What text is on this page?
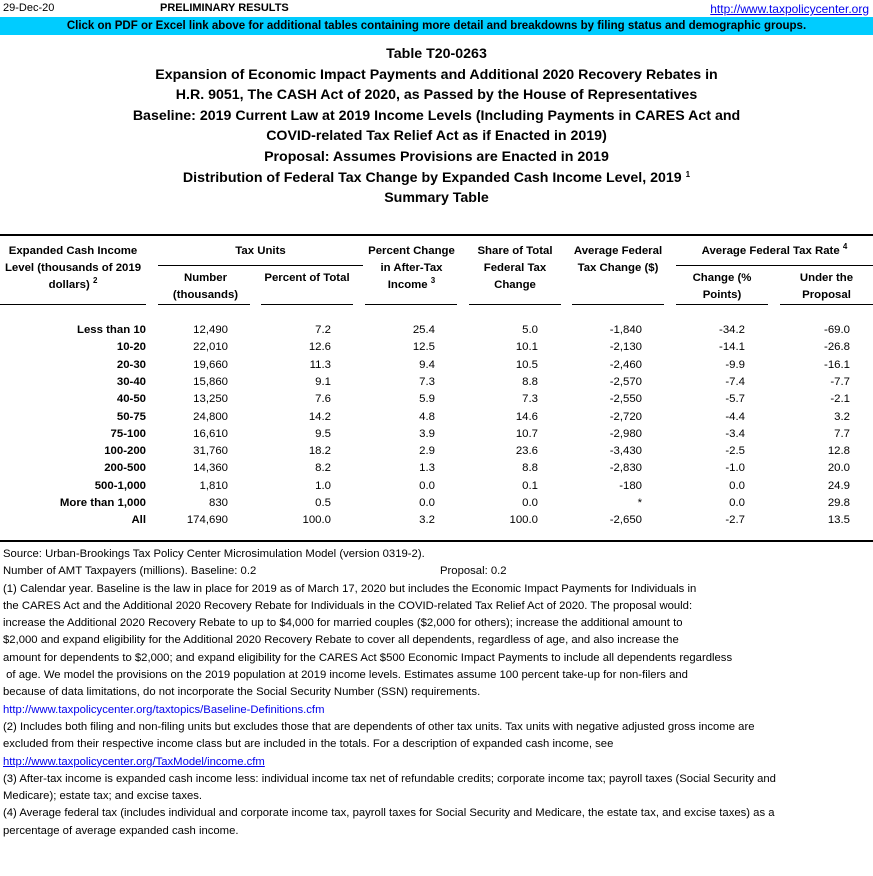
29-Dec-20	PRELIMINARY RESULTS	http://www.taxpolicycenter.org
Click on PDF or Excel link above for additional tables containing more detail and breakdowns by filing status and demographic groups.
Table T20-0263
Expansion of Economic Impact Payments and Additional 2020 Recovery Rebates in
H.R. 9051, The CASH Act of 2020, as Passed by the House of Representatives
Baseline: 2019 Current Law at 2019 Income Levels (Including Payments in CARES Act and
COVID-related Tax Relief Act as if Enacted in 2019)
Proposal: Assumes Provisions are Enacted in 2019
Distribution of Federal Tax Change by Expanded Cash Income Level, 2019 $^1$
Summary Table
Expanded Cash Income Level (thousands of 2019 dollars) $^2$
Tax Units
Number (thousands)
Percent of Total
Percent Change in After-Tax Income $^3$
Share of Total Federal Tax Change
Average Federal Tax Change ($)
Average Federal Tax Rate $^4$
Change (% Points)
Under the Proposal
Less than 10	12,490	7.2	25.4	5.0	-1,840	-34.2	-69.0
10-20	22,010	12.6	12.5	10.1	-2,130	-14.1	-26.8
20-30	19,660	11.3	9.4	10.5	-2,460	-9.9	-16.1
30-40	15,860	9.1	7.3	8.8	-2,570	-7.4	-7.7
40-50	13,250	7.6	5.9	7.3	-2,550	-5.7	-2.1
50-75	24,800	14.2	4.8	14.6	-2,720	-4.4	3.2
75-100	16,610	9.5	3.9	10.7	-2,980	-3.4	7.7
100-200	31,760	18.2	2.9	23.6	-3,430	-2.5	12.8
200-500	14,360	8.2	1.3	8.8	-2,830	-1.0	20.0
500-1,000	1,810	1.0	0.0	0.1	-180	0.0	24.9
More than 1,000	830	0.5	0.0	0.0	*	0.0	29.8
All	174,690	100.0	3.2	100.0	-2,650	-2.7	13.5
Source: Urban-Brookings Tax Policy Center Microsimulation Model (version 0319-2).
Number of AMT Taxpayers (millions). Baseline: 0.2	Proposal: 0.2
(1) Calendar year. Baseline is the law in place for 2019 as of March 17, 2020 but includes the Economic Impact Payments for Individuals in
the CARES Act and the Additional 2020 Recovery Rebate for Individuals in the COVID-related Tax Relief Act of 2020. The proposal would:
increase the Additional 2020 Recovery Rebate to up to $4,000 for married couples ($2,000 for others); increase the additional amount to
$2,000 and expand eligibility for the Additional 2020 Recovery Rebate to cover all dependents, regardless of age, and also increase the
amount for dependents to $2,000; and expand eligibility for the CARES Act $500 Economic Impact Payments to include all dependents regardless
of age. We model the provisions on the 2019 population at 2019 income levels. Estimates assume 100 percent take-up for non-filers and
because of data limitations, do not incorporate the Social Security Number (SSN) requirements.
http://www.taxpolicycenter.org/taxtopics/Baseline-Definitions.cfm
(2) Includes both filing and non-filing units but excludes those that are dependents of other tax units. Tax units with negative adjusted gross income are
excluded from their respective income class but are included in the totals. For a description of expanded cash income, see
http://www.taxpolicycenter.org/TaxModel/income.cfm
(3) After-tax income is expanded cash income less: individual income tax net of refundable credits; corporate income tax; payroll taxes (Social Security and
Medicare); estate tax; and excise taxes.
(4) Average federal tax (includes individual and corporate income tax, payroll taxes for Social Security and Medicare, the estate tax, and excise taxes) as a
percentage of average expanded cash income.
